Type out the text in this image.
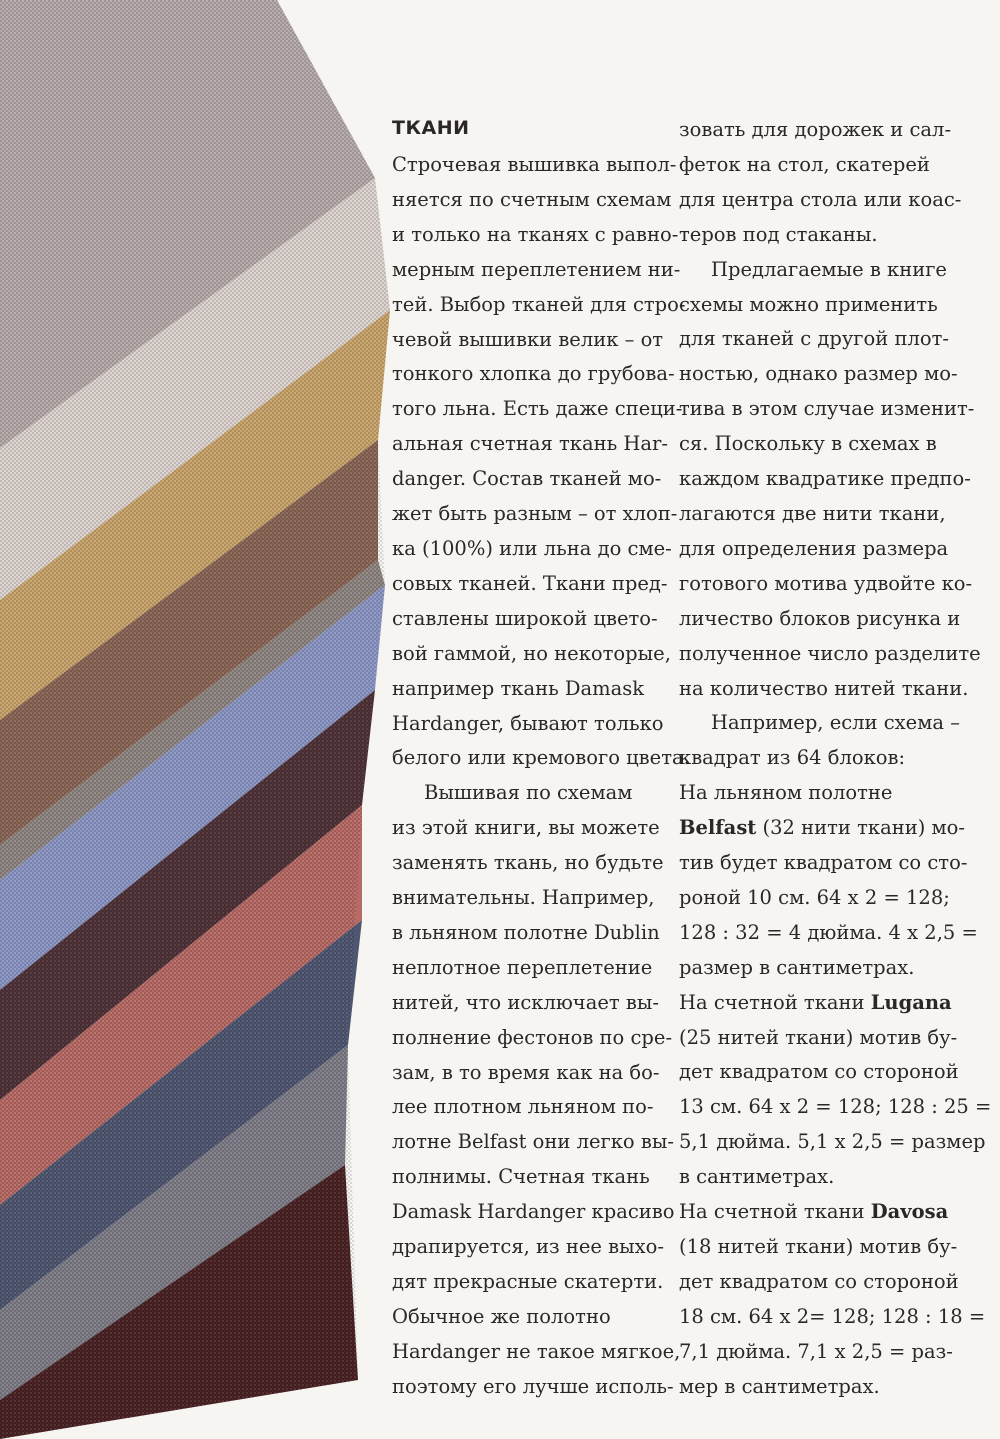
ТКАНИ
Строчевая вышивка выпол-
няется по счетным схемам
и только на тканях с равно-
мерным переплетением ни-
тей. Выбор тканей для стро-
чевой вышивки велик – от
тонкого хлопка до грубова-
того льна. Есть даже специ-
альная счетная ткань Har-
danger. Состав тканей мо-
жет быть разным – от хлоп-
ка (100%) или льна до сме-
совых тканей. Ткани пред-
ставлены широкой цвето-
вой гаммой, но некоторые,
например ткань Damask
Hardanger, бывают только
белого или кремового цвета.
Вышивая по схемам
из этой книги, вы можете
заменять ткань, но будьте
внимательны. Например,
в льняном полотне Dublin
неплотное переплетение
нитей, что исключает вы-
полнение фестонов по сре-
зам, в то время как на бо-
лее плотном льняном по-
лотне Belfast они легко вы-
полнимы. Счетная ткань
Damask Hardanger красиво
драпируется, из нее выхо-
дят прекрасные скатерти.
Обычное же полотно
Hardanger не такое мягкое,
поэтому его лучше исполь-
зовать для дорожек и сал-
феток на стол, скатерей
для центра стола или коас-
теров под стаканы.
Предлагаемые в книге
схемы можно применить
для тканей с другой плот-
ностью, однако размер мо-
тива в этом случае изменит-
ся. Поскольку в схемах в
каждом квадратике предпо-
лагаются две нити ткани,
для определения размера
готового мотива удвойте ко-
личество блоков рисунка и
полученное число разделите
на количество нитей ткани.
Например, если схема –
квадрат из 64 блоков:
На льняном полотне
Belfast (32 нити ткани) мо-
тив будет квадратом со сто-
роной 10 см. 64 х 2 = 128;
128 : 32 = 4 дюйма. 4 х 2,5 =
размер в сантиметрах.
На счетной ткани Lugana
(25 нитей ткани) мотив бу-
дет квадратом со стороной
13 см. 64 х 2 = 128; 128 : 25 =
5,1 дюйма. 5,1 х 2,5 = размер
в сантиметрах.
На счетной ткани Davosa
(18 нитей ткани) мотив бу-
дет квадратом со стороной
18 см. 64 х 2= 128; 128 : 18 =
7,1 дюйма. 7,1 х 2,5 = раз-
мер в сантиметрах.
